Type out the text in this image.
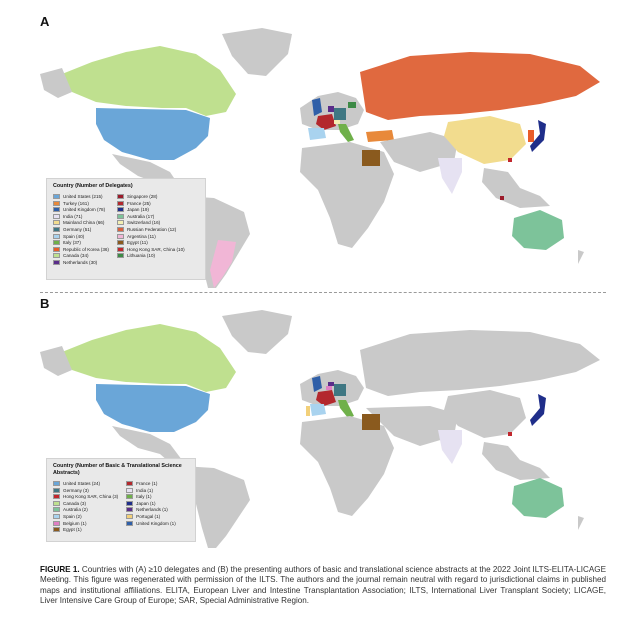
A
Country (Number of Delegates)
United States (215)
Turkey (161)
United Kingdom (78)
India (71)
Mainland China (66)
Germany (51)
Spain (40)
Italy (37)
Republic of Korea (36)
Canada (34)
Netherlands (30)
Singapore (28)
France (25)
Japan (19)
Australia (17)
Switzerland (16)
Russian Federation (12)
Argentina (11)
Egypt (11)
Hong Kong SAR, China (10)
Lithuania (10)
B
Country (Number of Basic & Translational Science Abstracts)
United States (24)
Germany (3)
Hong Kong SAR, China (3)
Canada (3)
Australia (2)
Spain (2)
Belgium (1)
Egypt (1)
France (1)
India (1)
Italy (1)
Japan (1)
Netherlands (1)
Portugal (1)
United Kingdom (1)
FIGURE 1. Countries with (A) ≥10 delegates and (B) the presenting authors of basic and translational science abstracts at the 2022 Joint ILTS-ELITA-LICAGE Meeting. This figure was regenerated with permission of the ILTS. The authors and the journal remain neutral with regard to jurisdictional claims in published maps and institutional affiliations. ELITA, European Liver and Intestine Transplantation Association; ILTS, International Liver Transplant Society; LICAGE, Liver Intensive Care Group of Europe; SAR, Special Administrative Region.
